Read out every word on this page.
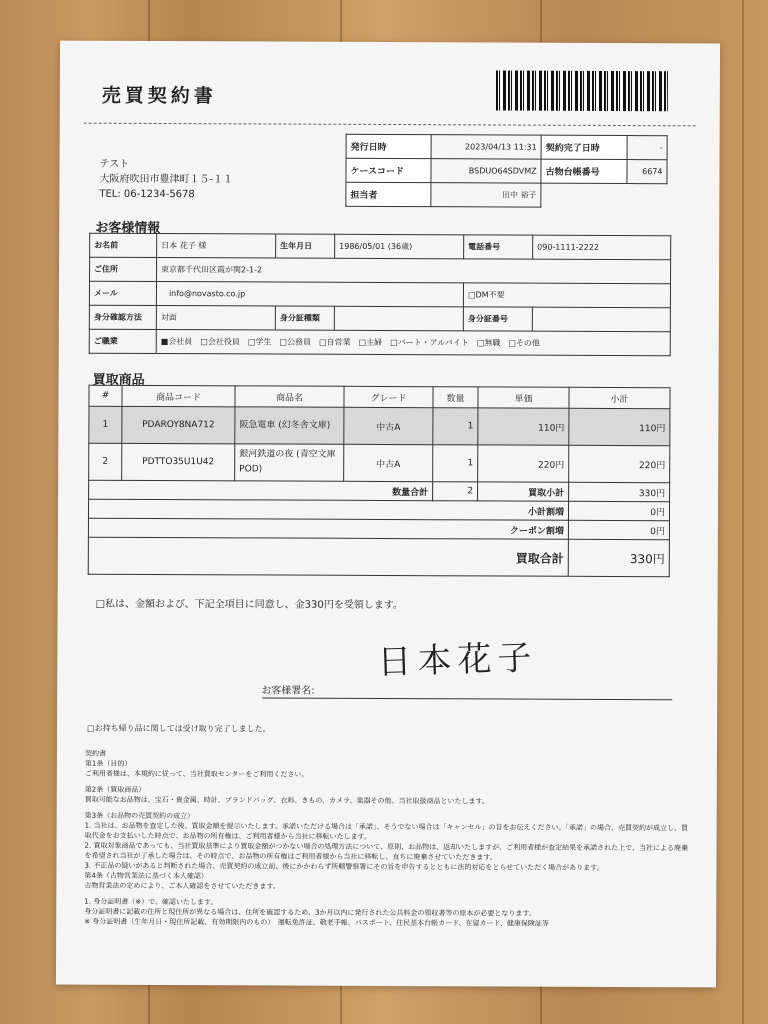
売買契約書
テスト
大阪府吹田市豊津町１５-１１
TEL: 06-1234-5678
発行日時	2023/04/13 11:31	契約完了日時	-
ケースコード	BSDUO64SDVMZ	古物台帳番号	6674
担当者	田中 裕子		
お客様情報
お名前	日本 花子 様	生年月日	1986/05/01 (36歳)	電話番号	090-1111-2222
ご住所	東京都千代田区霞が関2-1-2				
メール	info@novasto.co.jp			□DM不要	
身分確認方法	対面	身分証種類		身分証番号	
ご職業	■会社員　□会社役員　□学生　□公務員　□自営業　□主婦　□パート・アルバイト　□無職　□その他				
買取商品
#	商品コード	商品名	グレード	数量	単価	小計
1	PDAROY8NA712	阪急電車 (幻冬舎文庫)	中古A	1	110円	110円
2	PDTTO35U1U42	銀河鉄道の夜 (青空文庫POD)	中古A	1	220円	220円
数量合計				2	買取小計	330円
小計割増						0円
クーポン割増						0円
買取合計						330円
□私は、金額および、下記全項目に同意し、金330円を受領します。
日本花子
お客様署名:
□お持ち帰り品に関しては受け取り完了しました。
契約書
第1条（目的）
ご利用者様は、本規約に従って、当社買取センターをご利用ください。
第2条（買取商品）
買取可能なお品物は、宝石・貴金属、時計、ブランドバッグ、衣料、きもの、カメラ、楽器その他、当社取扱商品といたします。
第3条（お品物の売買契約の成立）
1. 当社は、お品物を査定した後、買取金額を提示いたします。承諾いただける場合は「承諾」、そうでない場合は「キャンセル」の旨をお伝えください。「承諾」の場合、売買契約が成立し、買取代金をお支払いした時点で、お品物の所有権は、ご利用者様から当社に移転いたします。
2. 買取対象商品であっても、当社買取基準により買取金額がつかない場合の処理方法について、原則、お品物は、返却いたしますが、ご利用者様が査定結果を承諾された上で、当社による廃棄を希望され当社が了承した場合は、その時点で、お品物の所有権はご利用者様から当社に移転し、直ちに廃棄させていただきます。
3. 不正品の疑いがあると判断された場合、売買契約の成立前、後にかかわらず所轄警察署にその旨を申告するとともに法的対応をとらせていただく場合があります。
第4条（古物営業法に基づく本人確認）
古物営業法の定めにより、ご本人確認をさせていただきます。
1. 身分証明書（※）で、確認いたします。
身分証明書に記載の住所と現住所が異なる場合は、住所を確認するため、3か月以内に発行された公共料金の領収書等の原本が必要となります。
※ 身分証明書（生年月日・現住所記載、有効期限内のもの）　運転免許証、敬老手帳、パスポート、住民基本台帳カード、在留カード、健康保険証等
